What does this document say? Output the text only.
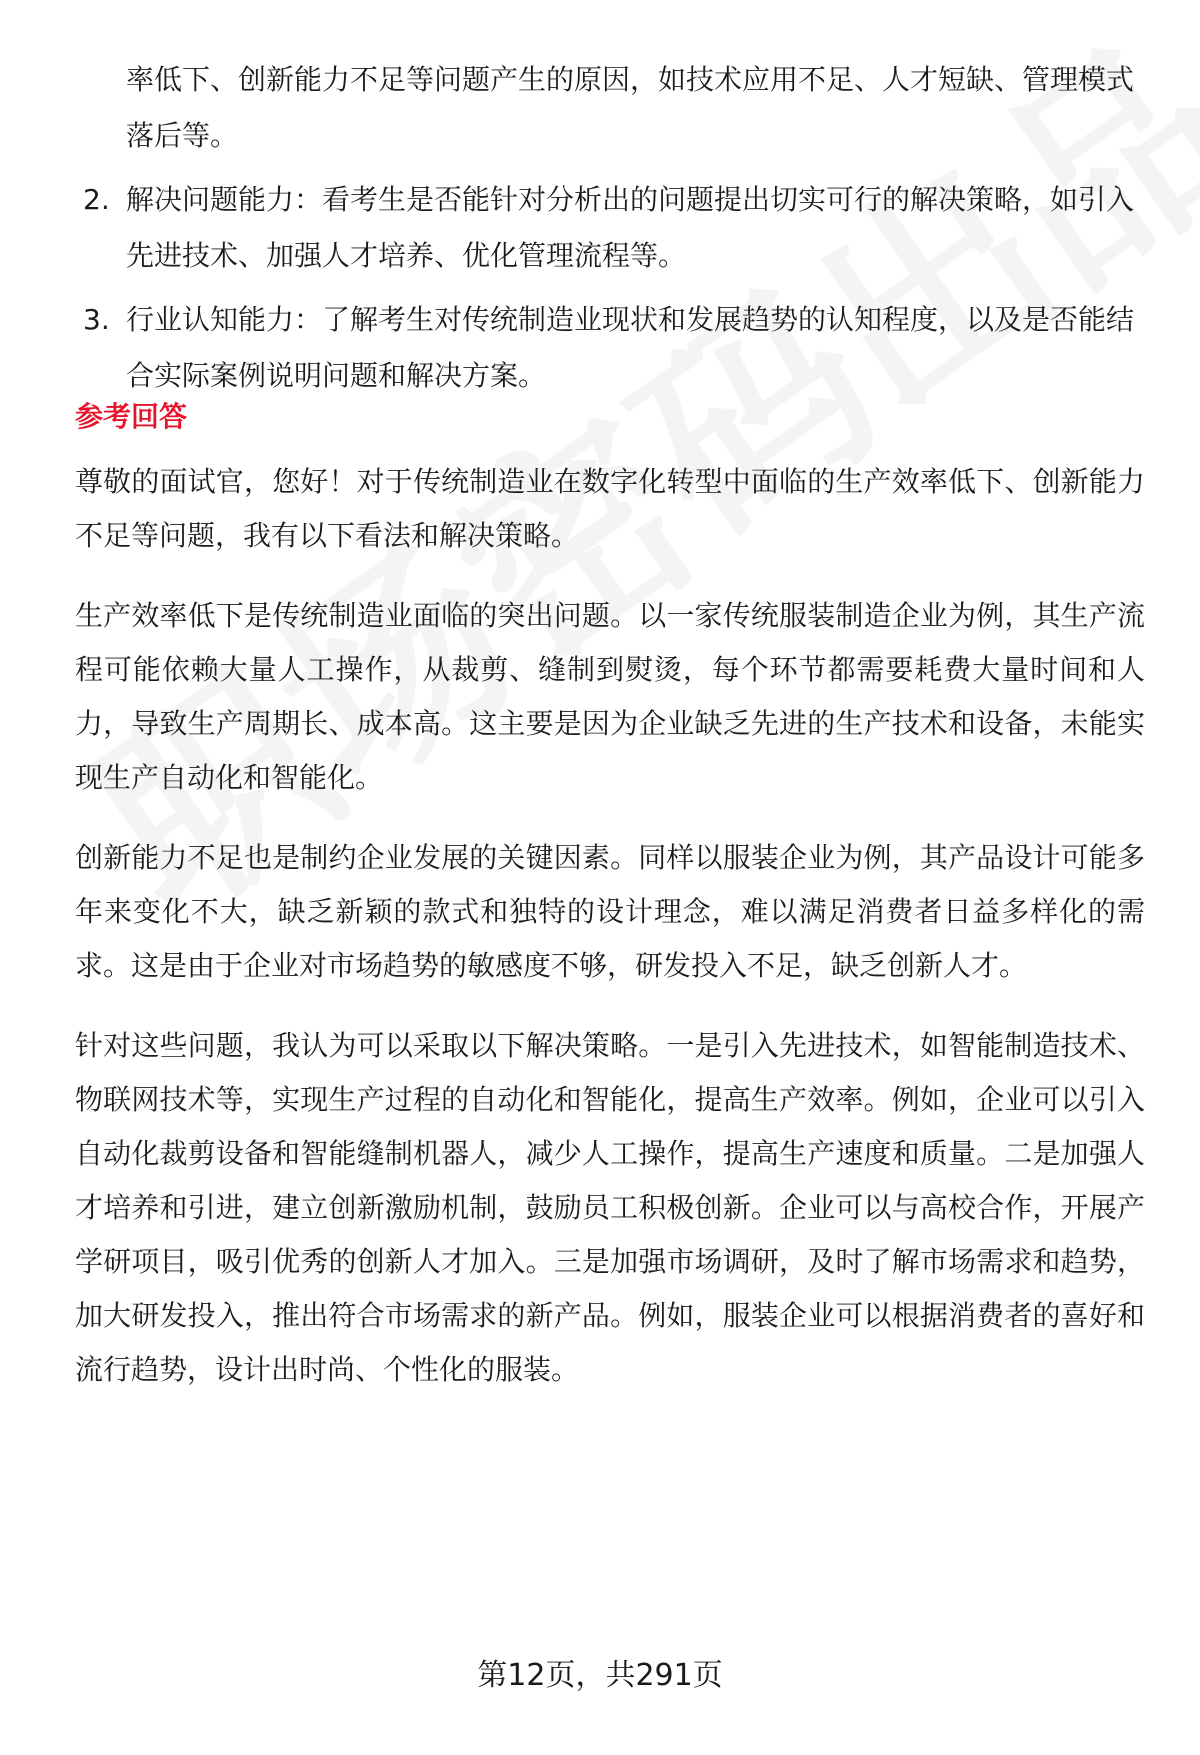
率低下、创新能力不足等问题产生的原因，如技术应用不足、人才短缺、管理模式落后等。
2. 解决问题能力：看考生是否能针对分析出的问题提出切实可行的解决策略，如引入先进技术、加强人才培养、优化管理流程等。
3. 行业认知能力：了解考生对传统制造业现状和发展趋势的认知程度，以及是否能结合实际案例说明问题和解决方案。
参考回答

尊敬的面试官，您好！对于传统制造业在数字化转型中面临的生产效率低下、创新能力不足等问题，我有以下看法和解决策略。

生产效率低下是传统制造业面临的突出问题。以一家传统服装制造企业为例，其生产流程可能依赖大量人工操作，从裁剪、缝制到熨烫，每个环节都需要耗费大量时间和人力，导致生产周期长、成本高。这主要是因为企业缺乏先进的生产技术和设备，未能实现生产自动化和智能化。

创新能力不足也是制约企业发展的关键因素。同样以服装企业为例，其产品设计可能多年来变化不大，缺乏新颖的款式和独特的设计理念，难以满足消费者日益多样化的需求。这是由于企业对市场趋势的敏感度不够，研发投入不足，缺乏创新人才。

针对这些问题，我认为可以采取以下解决策略。一是引入先进技术，如智能制造技术、物联网技术等，实现生产过程的自动化和智能化，提高生产效率。例如，企业可以引入自动化裁剪设备和智能缝制机器人，减少人工操作，提高生产速度和质量。二是加强人才培养和引进，建立创新激励机制，鼓励员工积极创新。企业可以与高校合作，开展产学研项目，吸引优秀的创新人才加入。三是加强市场调研，及时了解市场需求和趋势，加大研发投入，推出符合市场需求的新产品。例如，服装企业可以根据消费者的喜好和流行趋势，设计出时尚、个性化的服装。

第12页，共291页
